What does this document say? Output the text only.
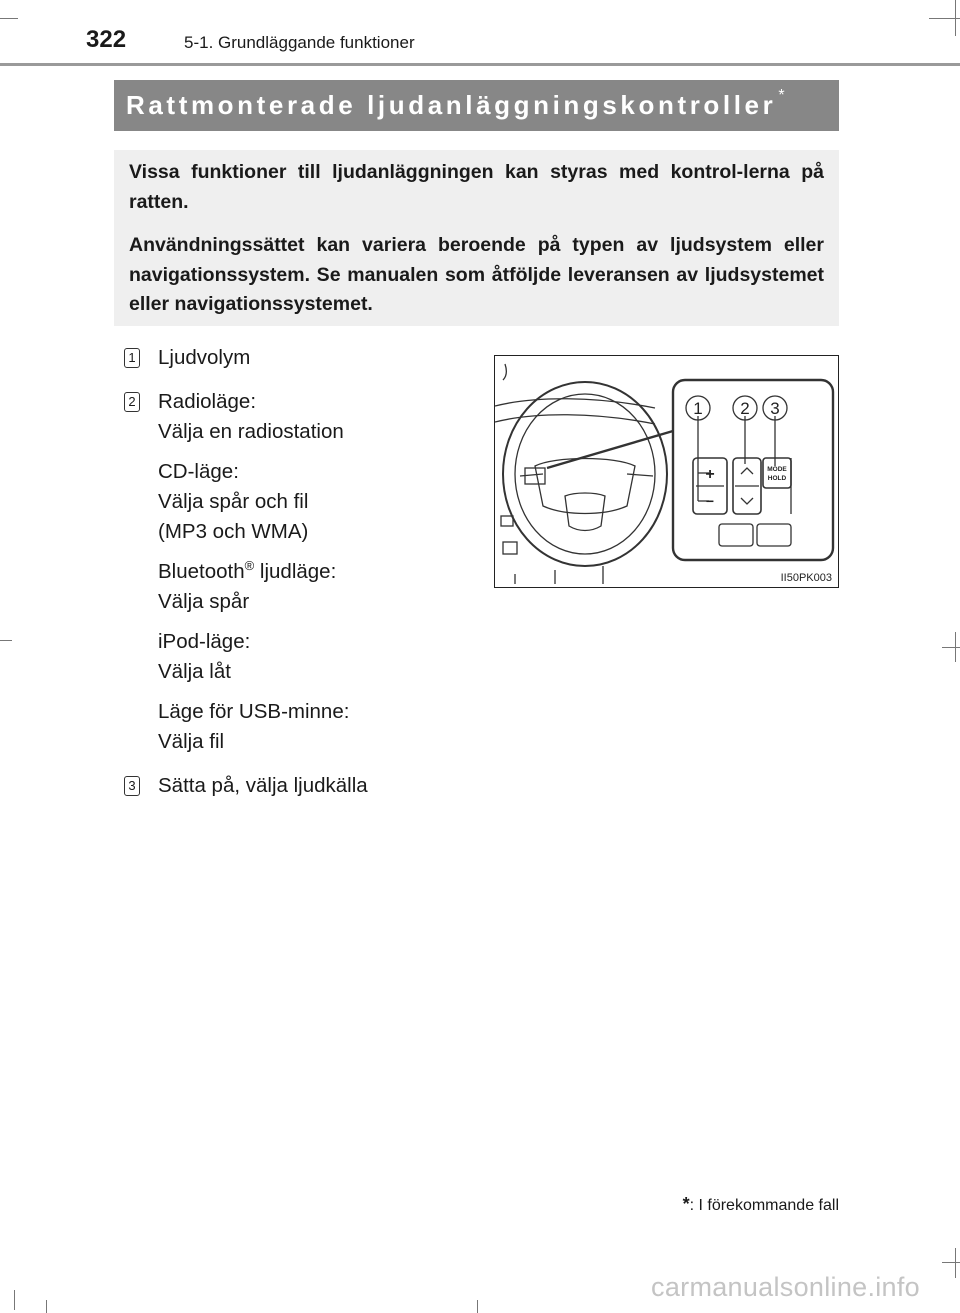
322	5-1. Grundläggande funktioner
Rattmonterade ljudanläggningskontroller *

Vissa funktioner till ljudanläggningen kan styras med kontrol-lerna på ratten.

Användningssättet kan variera beroende på typen av ljudsystem eller navigationssystem. Se manualen som åtföljde leveransen av ljudsystemet eller navigationssystemet.

1 Ljudvolym
2 Radioläge:
Välja en radiostation
CD-läge:
Välja spår och fil
(MP3 och WMA)
Bluetooth® ljudläge:
Välja spår
iPod-läge:
Välja låt
Läge för USB-minne:
Välja fil
3 Sätta på, välja ljudkälla
1 2 3
+
−
MODE
HOLD
II50PK003
*: I förekommande fall
carmanualsonline.info
